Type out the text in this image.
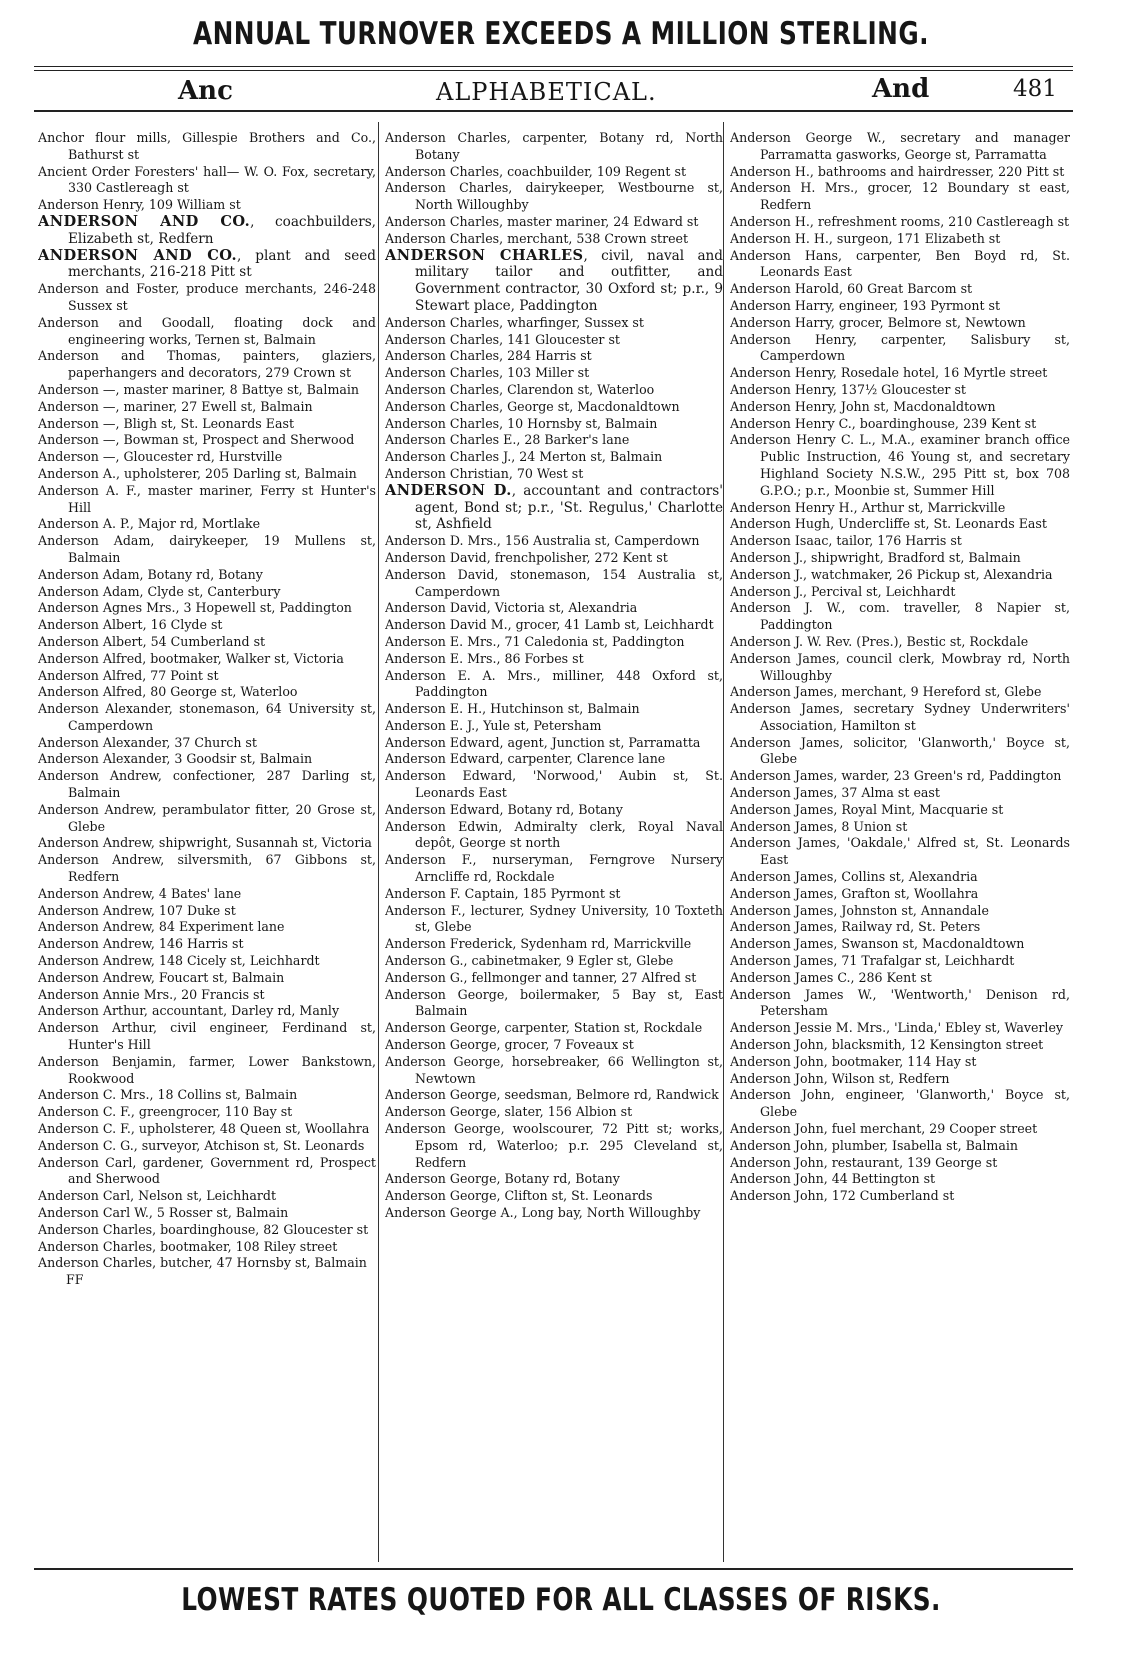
ANNUAL TURNOVER EXCEEDS A MILLION STERLING.
Anc	ALPHABETICAL.	And	481

Anchor flour mills, Gillespie Brothers and Co., Bathurst st

Ancient Order Foresters' hall— W. O. Fox, secretary, 330 Castlereagh st

Anderson Henry, 109 William st

ANDERSON AND CO., coachbuilders, Elizabeth st, Redfern

ANDERSON AND CO., plant and seed merchants, 216-218 Pitt st

Anderson and Foster, produce merchants, 246-248 Sussex st

Anderson and Goodall, floating dock and engineering works, Ternen st, Balmain

Anderson and Thomas, painters, glaziers, paperhangers and decorators, 279 Crown st

Anderson —, master mariner, 8 Battye st, Balmain

Anderson —, mariner, 27 Ewell st, Balmain

Anderson —, Bligh st, St. Leonards East

Anderson —, Bowman st, Prospect and Sherwood

Anderson —, Gloucester rd, Hurstville

Anderson A., upholsterer, 205 Darling st, Balmain

Anderson A. F., master mariner, Ferry st Hunter's Hill

Anderson A. P., Major rd, Mortlake

Anderson Adam, dairykeeper, 19 Mullens st, Balmain

Anderson Adam, Botany rd, Botany

Anderson Adam, Clyde st, Canterbury

Anderson Agnes Mrs., 3 Hopewell st, Paddington

Anderson Albert, 16 Clyde st

Anderson Albert, 54 Cumberland st

Anderson Alfred, bootmaker, Walker st, Victoria

Anderson Alfred, 77 Point st

Anderson Alfred, 80 George st, Waterloo

Anderson Alexander, stonemason, 64 University st, Camperdown

Anderson Alexander, 37 Church st

Anderson Alexander, 3 Goodsir st, Balmain

Anderson Andrew, confectioner, 287 Darling st, Balmain

Anderson Andrew, perambulator fitter, 20 Grose st, Glebe

Anderson Andrew, shipwright, Susannah st, Victoria

Anderson Andrew, silversmith, 67 Gibbons st, Redfern

Anderson Andrew, 4 Bates' lane

Anderson Andrew, 107 Duke st

Anderson Andrew, 84 Experiment lane

Anderson Andrew, 146 Harris st

Anderson Andrew, 148 Cicely st, Leichhardt

Anderson Andrew, Foucart st, Balmain

Anderson Annie Mrs., 20 Francis st

Anderson Arthur, accountant, Darley rd, Manly

Anderson Arthur, civil engineer, Ferdinand st, Hunter's Hill

Anderson Benjamin, farmer, Lower Bankstown, Rookwood

Anderson C. Mrs., 18 Collins st, Balmain

Anderson C. F., greengrocer, 110 Bay st

Anderson C. F., upholsterer, 48 Queen st, Woollahra

Anderson C. G., surveyor, Atchison st, St. Leonards

Anderson Carl, gardener, Government rd, Prospect and Sherwood

Anderson Carl, Nelson st, Leichhardt

Anderson Carl W., 5 Rosser st, Balmain

Anderson Charles, boardinghouse, 82 Gloucester st

Anderson Charles, bootmaker, 108 Riley street

Anderson Charles, butcher, 47 Hornsby st, Balmain

FF

Anderson Charles, carpenter, Botany rd, North Botany

Anderson Charles, coachbuilder, 109 Regent st

Anderson Charles, dairykeeper, Westbourne st, North Willoughby

Anderson Charles, master mariner, 24 Edward st

Anderson Charles, merchant, 538 Crown street

ANDERSON CHARLES, civil, naval and military tailor and outfitter, and Government contractor, 30 Oxford st; p.r., 9 Stewart place, Paddington

Anderson Charles, wharfinger, Sussex st

Anderson Charles, 141 Gloucester st

Anderson Charles, 284 Harris st

Anderson Charles, 103 Miller st

Anderson Charles, Clarendon st, Waterloo

Anderson Charles, George st, Macdonaldtown

Anderson Charles, 10 Hornsby st, Balmain

Anderson Charles E., 28 Barker's lane

Anderson Charles J., 24 Merton st, Balmain

Anderson Christian, 70 West st

ANDERSON D., accountant and contractors' agent, Bond st; p.r., 'St. Regulus,' Charlotte st, Ashfield

Anderson D. Mrs., 156 Australia st, Camperdown

Anderson David, frenchpolisher, 272 Kent st

Anderson David, stonemason, 154 Australia st, Camperdown

Anderson David, Victoria st, Alexandria

Anderson David M., grocer, 41 Lamb st, Leichhardt

Anderson E. Mrs., 71 Caledonia st, Paddington

Anderson E. Mrs., 86 Forbes st

Anderson E. A. Mrs., milliner, 448 Oxford st, Paddington

Anderson E. H., Hutchinson st, Balmain

Anderson E. J., Yule st, Petersham

Anderson Edward, agent, Junction st, Parramatta

Anderson Edward, carpenter, Clarence lane

Anderson Edward, 'Norwood,' Aubin st, St. Leonards East

Anderson Edward, Botany rd, Botany

Anderson Edwin, Admiralty clerk, Royal Naval depôt, George st north

Anderson F., nurseryman, Ferngrove Nursery Arncliffe rd, Rockdale

Anderson F. Captain, 185 Pyrmont st

Anderson F., lecturer, Sydney University, 10 Toxteth st, Glebe

Anderson Frederick, Sydenham rd, Marrickville

Anderson G., cabinetmaker, 9 Egler st, Glebe

Anderson G., fellmonger and tanner, 27 Alfred st

Anderson George, boilermaker, 5 Bay st, East Balmain

Anderson George, carpenter, Station st, Rockdale

Anderson George, grocer, 7 Foveaux st

Anderson George, horsebreaker, 66 Wellington st, Newtown

Anderson George, seedsman, Belmore rd, Randwick

Anderson George, slater, 156 Albion st

Anderson George, woolscourer, 72 Pitt st; works, Epsom rd, Waterloo; p.r. 295 Cleveland st, Redfern

Anderson George, Botany rd, Botany

Anderson George, Clifton st, St. Leonards

Anderson George A., Long bay, North Willoughby

Anderson George W., secretary and manager Parramatta gasworks, George st, Parramatta

Anderson H., bathrooms and hairdresser, 220 Pitt st

Anderson H. Mrs., grocer, 12 Boundary st east, Redfern

Anderson H., refreshment rooms, 210 Castlereagh st

Anderson H. H., surgeon, 171 Elizabeth st

Anderson Hans, carpenter, Ben Boyd rd, St. Leonards East

Anderson Harold, 60 Great Barcom st

Anderson Harry, engineer, 193 Pyrmont st

Anderson Harry, grocer, Belmore st, Newtown

Anderson Henry, carpenter, Salisbury st, Camperdown

Anderson Henry, Rosedale hotel, 16 Myrtle street

Anderson Henry, 137½ Gloucester st

Anderson Henry, John st, Macdonaldtown

Anderson Henry C., boardinghouse, 239 Kent st

Anderson Henry C. L., M.A., examiner branch office Public Instruction, 46 Young st, and secretary Highland Society N.S.W., 295 Pitt st, box 708 G.P.O.; p.r., Moonbie st, Summer Hill

Anderson Henry H., Arthur st, Marrickville

Anderson Hugh, Undercliffe st, St. Leonards East

Anderson Isaac, tailor, 176 Harris st

Anderson J., shipwright, Bradford st, Balmain

Anderson J., watchmaker, 26 Pickup st, Alexandria

Anderson J., Percival st, Leichhardt

Anderson J. W., com. traveller, 8 Napier st, Paddington

Anderson J. W. Rev. (Pres.), Bestic st, Rockdale

Anderson James, council clerk, Mowbray rd, North Willoughby

Anderson James, merchant, 9 Hereford st, Glebe

Anderson James, secretary Sydney Underwriters' Association, Hamilton st

Anderson James, solicitor, 'Glanworth,' Boyce st, Glebe

Anderson James, warder, 23 Green's rd, Paddington

Anderson James, 37 Alma st east

Anderson James, Royal Mint, Macquarie st

Anderson James, 8 Union st

Anderson James, 'Oakdale,' Alfred st, St. Leonards East

Anderson James, Collins st, Alexandria

Anderson James, Grafton st, Woollahra

Anderson James, Johnston st, Annandale

Anderson James, Railway rd, St. Peters

Anderson James, Swanson st, Macdonaldtown

Anderson James, 71 Trafalgar st, Leichhardt

Anderson James C., 286 Kent st

Anderson James W., 'Wentworth,' Denison rd, Petersham

Anderson Jessie M. Mrs., 'Linda,' Ebley st, Waverley

Anderson John, blacksmith, 12 Kensington street

Anderson John, bootmaker, 114 Hay st

Anderson John, Wilson st, Redfern

Anderson John, engineer, 'Glanworth,' Boyce st, Glebe

Anderson John, fuel merchant, 29 Cooper street

Anderson John, plumber, Isabella st, Balmain

Anderson John, restaurant, 139 George st

Anderson John, 44 Bettington st

Anderson John, 172 Cumberland st

LOWEST RATES QUOTED FOR ALL CLASSES OF RISKS.
